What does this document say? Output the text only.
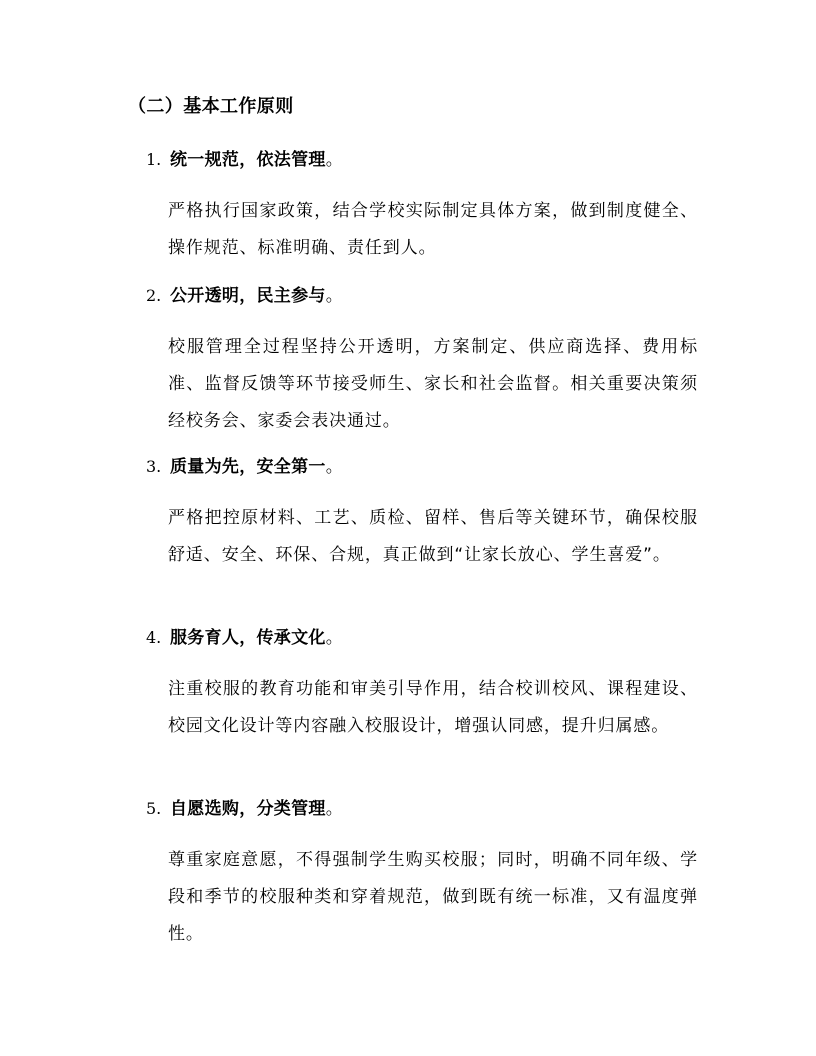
（二）基本工作原则
1. 统一规范，依法管理。

严格执行国家政策，结合学校实际制定具体方案，做到制度健全、操作规范、标准明确、责任到人。

2. 公开透明，民主参与。

校服管理全过程坚持公开透明，方案制定、供应商选择、费用标准、监督反馈等环节接受师生、家长和社会监督。相关重要决策须经校务会、家委会表决通过。

3. 质量为先，安全第一。

严格把控原材料、工艺、质检、留样、售后等关键环节，确保校服舒适、安全、环保、合规，真正做到“让家长放心、学生喜爱”。

4. 服务育人，传承文化。

注重校服的教育功能和审美引导作用，结合校训校风、课程建设、校园文化设计等内容融入校服设计，增强认同感，提升归属感。

5. 自愿选购，分类管理。

尊重家庭意愿，不得强制学生购买校服；同时，明确不同年级、学段和季节的校服种类和穿着规范，做到既有统一标准，又有温度弹性。
